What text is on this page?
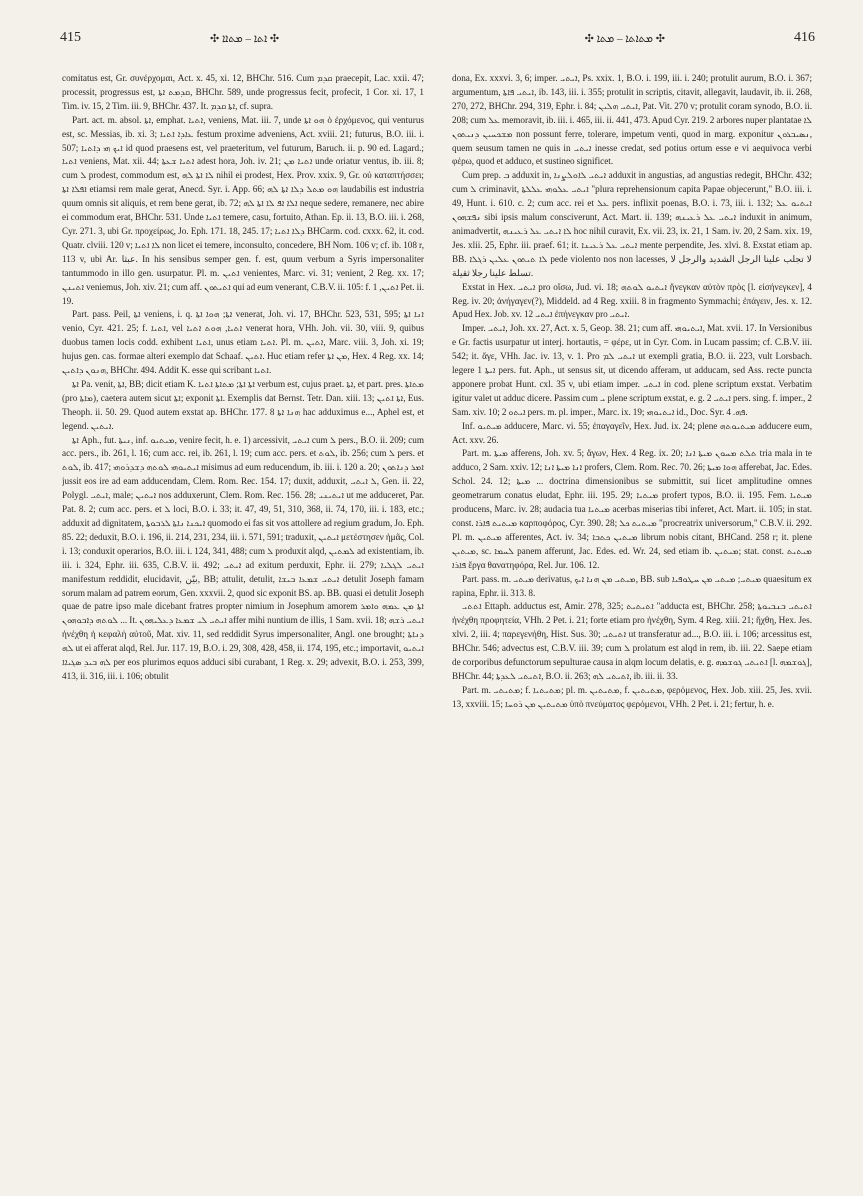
415	✣ ܐܬܐ – ܡܬܐܐ ✣	✣ ܡܬܐܬܐ – ܡܬܐ ✣	416

comitatus est, Gr. συνέρχομαι, Act. x. 45, xi. 12, BHChr. 516. Cum ܩܕܡ praecepit, Lac. xxii. 47; processit, progressus est, ܩܕܡܬ ܐܬܐ, BHChr. 589, unde progressus fecit, profecit, 1 Cor. xi. 17, 1 Tim. iv. 15, 2 Tim. iii. 9, BHChr. 437. It. ܐܬܐ ܩܕܡ, cf. supra.

Part. act. m. absol. ܐܬܐ, emphat. ܐܬܝܐ, veniens, Mat. iii. 7, unde ܗܘ ܐܬܐ ὁ ἐρχόμενος, qui venturus est, sc. Messias, ib. xi. 3; ܥܐܕܐ ܐܬܝܐ festum proxime adveniens, Act. xviii. 21; futurus, B.O. iii. i. 507; ܐܝܟ ܗܝ ܕܐܬܝܐ id quod praesens est, vel praeteritum, vel futurum, Baruch. ii. p. 90 ed. Lagard.; ܐܬܝܐ veniens, Mat. xii. 44; ܐܬܝܐ ܫܥܬܐ adest hora, Joh. iv. 21; ܐܬܝܐ ܡܢ unde oriatur ventus, ib. iii. 8; cum ܠ prodest, commodum est, ܠܐ ܐܬܐ ܠܗ nihil ei prodest, Hex. Prov. xxix. 9, Gr. οὐ καταπτήσσει; ܐܦܠܐ ܐܬܐ etiamsi rem male gerat, Anecd. Syr. i. App. 66; ܗܘ ܡܬܠ ܕܠܐ ܐܬܐ ܠܗ laudabilis est industria quum omnis sit aliquis, et rem bene gerat, ib. 72; ܐܠܐ ܐܦ ܠܐ ܐܬܐ ܠܗ neque sedere, remanere, nec abire ei commodum erat, BHChr. 531. Unde ܐܬܝܐ temere, casu, fortuito, Athan. Ep. ii. 13, B.O. iii. i. 268, Cyr. 271. 3, ubi Gr. προχείρως, Jo. Eph. 171. 18, 245. 17; ܕܠܐ ܐܬܝܐ BHCarm. cod. cxxx. 62, it. cod. Quatr. clviii. 120 v; ܠܐ ܐܬܝܐ non licet ei temere, inconsulto, concedere, BH Nom. 106 v; cf. ib. 108 r, 113 v, ubi Ar. عبثا. In his sensibus semper gen. f. est, quum verbum a Syris impersonaliter tantummodo in illo gen. usurpatur. Pl. m. ܐܬܝܢ venientes, Marc. vi. 31; venient, 2 Reg. xx. 17; ܐܬܝܢܢ veniemus, Joh. xiv. 21; cum aff. ܐܬܝܬܘܢ qui ad eum venerant, C.B.V. ii. 105: f. ܐܬܝܢ, 1 Pet. ii. 19.

Part. pass. Peil, ܐܬܐ veniens, i. q. ܐܬܐ; ܗܘܐ ܐܬܐ venerat, Joh. vi. 17, BHChr. 523, 531, 595; ܐܢܐ ܐܬܐ venio, Cyr. 421. 25; f. ܐܬܝܐ, vel ܐܬܝܐ, ܗܘܬ ܐܬܝܐ venerat hora, VHh. Joh. vii. 30, viii. 9, quibus duobus tamen locis codd. exhibent ܐܬܝܐ, unus etiam ܐܬܝܐ. Pl. m. ܐܬܝܢ, Marc. viii. 3, Joh. xi. 19; hujus gen. cas. formae alteri exemplo dat Schaaf. ܐܬܝܢ. Huc etiam refer ܡܢ ܐܬܐ, Hex. 4 Reg. xx. 14; ܗܢܘܢ ܕܐܬܝܢ, BHChr. 494. Addit K. esse qui scribant ܐܬܝܐ.

ܐܬܐ Pa. venit, ܐܬܐ, BB; dicit etiam K. ܐܬܐ ܐܬܐ; ܡܬܐܬܐ ܐܬܝܐ verbum est, cujus praet. ܐܬܐ, et part. pres. ܡܬܐܬܐ (pro ܡܐܬܐ), caetera autem sicut ܐܬܐ; exponit ܐܬܐ. Exemplis dat Bernst. Tetr. Dan. xiii. 13; ܐܬܐ ܐܬܝܢ, Eus. Theoph. ii. 50. 29. Quod autem exstat ap. BHChr. 177. 8 ܗܢܐ ܐܬܐ hac adduximus e..., Aphel est, et legend. ܐܝܬܝܢ.

ܐܬܐ Aph., fut. ܢܝܬܐ, inf. ܡܝܬܝܘ, venire fecit, h. e. 1) arcessivit, ܐܝܬܝ cum ܠ pers., B.O. ii. 209; cum acc. pers., ib. 261, l. 16; cum acc. rei, ib. 261, l. 19; cum acc. pers. et ܠܘܬ, ib. 256; cum ܠ pers. et ܠܘܬ, ib. 417; ܐܝܬܝܘܗܝ ܠܘܬܗ ܕܫܕܪܘܗܝ misimus ad eum reducendum, ib. iii. i. 120 a. 20; ܐܡܪ ܕܢܐܬܘܢ jussit eos ire ad eam adducendam, Clem. Rom. Rec. 154. 17; duxit, adduxit, ܠ ܐܝܬܝ, Gen. ii. 22, Polygl. ܐܝܬܝ, male; ܐܝܬܝܢ nos adduxerunt, Clem. Rom. Rec. 156. 28; ܐܝܬܝܢܝ ut me adduceret, Par. Pat. 8. 2; cum acc. pers. et ܠ loci, B.O. i. 33; it. 47, 49, 51, 310, 368, ii. 74, 170, iii. i. 183, etc.; adduxit ad dignitatem, ܐܝܟܢܐ ܢܐܬܐ ܠܪܒܘܬܐ quomodo ei fas sit vos attollere ad regium gradum, Jo. Eph. 85. 22; deduxit, B.O. i. 196, ii. 214, 231, 234, iii. i. 571, 591; traduxit, ܐܝܬܝܢ μετέστησεν ἡμᾶς, Col. i. 13; conduxit operarios, B.O. iii. i. 124, 341, 488; cum ܠ produxit alqd, ܠܡܬܝܢ ad existentiam, ib. iii. i. 324, Ephr. iii. 635, C.B.V. ii. 492; ܐܝܬܝ ad exitum perduxit, Ephr. ii. 279; ܐܝܬܝ ܠܓܠܝܐ manifestum reddidit, elucidavit, بيّن, BB; attulit, detulit, ܐܝܬܝ ܫܡܥܐ ܒܝܫܐ detulit Joseph famam sorum malam ad patrem eorum, Gen. xxxvii. 2, quod sic exponit BS. ap. BB. quasi ei detulit Joseph quae de patre ipso male dicebant fratres propter nimium in Josephum amorem ܐܬܐ ܡܢ ܥܡܗ ܘܐܡܪ ܠܘܬܗ ܕܐܒܘܗܘܢ ... It. ܐܝܬܝ ܠܝ ܫܡܥܐ ܕܥܠܝܗܘܢ affer mihi nuntium de illis, 1 Sam. xvii. 18; ܐܝܬܝ ܪܫܗ ἠνέχθη ἡ κεφαλὴ αὐτοῦ, Mat. xiv. 11, sed reddidit Syrus impersonaliter, Angl. one brought; ܕܢܐܬܐ ܠܗ ut ei afferat alqd, Rel. Jur. 117. 19, B.O. i. 29, 308, 428, 458, ii. 174, 195, etc.; importavit, ܐܝܬܝܘ ܠܗ ܒܝܕ ܣܓܝܐܐ per eos plurimos equos adduci sibi curabant, 1 Reg. x. 29; advexit, B.O. i. 253, 399, 413, ii. 316, iii. i. 106; obtulit

dona, Ex. xxxvi. 3, 6; imper. ܐܝܬܝ, Ps. xxix. 1, B.O. i. 199, iii. i. 240; protulit aurum, B.O. i. 367; argumentum, ܐܝܬܝ ܦܐܬܐ, ib. 143, iii. i. 355; protulit in scriptis, citavit, allegavit, laudavit, ib. ii. 268, 270, 272, BHChr. 294, 319, Ephr. i. 84; ܐܝܬܝ ܗܠܝܢ, Pat. Vit. 270 v; protulit coram synodo, B.O. ii. 208; cum ܥܠ memoravit, ib. iii. i. 465, iii. ii. 441, 473. Apud Cyr. 219. 2 arbores nuper plantatae ܠܐ ܡܫܟܚܝܢ ܕܢܝܬܘܢ non possunt ferre, tolerare, impetum venti, quod in marg. exponitur ܢܣܝܒܪܘܢ, quem seusum tamen ne quis in ܐܝܬܝ inesse credat, sed potius ortum esse e vi aequivoca verbi φέρω, quod et adduco, et sustineo significet.

Cum prep. ܒ adduxit in, ܐܝܬܝ ܠܐܘܠܨܢܐ adduxit in angustias, ad angustias redegit, BHChr. 432; cum ܠ criminavit, ܐܝܬܝ ܥܠܘܗܝ ܥܠܠܬܐ "plura reprehensionum capita Papae objecerunt," B.O. iii. i. 49, Hunt. i. 610. c. 2; cum acc. rei et ܥܠ pers. inflixit poenas, B.O. i. 73, iii. i. 132; ܐܝܬܝܘ ܥܠ ܢܦܫܗܘܢ sibi ipsis malum consciverunt, Act. Mart. ii. 139; ܐܝܬܝ ܥܠ ܪܥܝܢܗ induxit in animum, animadvertit, ܠܐ ܐܝܬܝ ܥܠ ܪܥܝܢܗ hoc nihil curavit, Ex. vii. 23, ix. 21, 1 Sam. iv. 20, 2 Sam. xix. 19, Jes. xlii. 25, Ephr. iii. praef. 61; it. ܐܝܬܝ ܥܠ ܪܥܝܢܐ mente perpendite, Jes. xlvi. 8. Exstat etiam ap. BB. ܠܐ ܬܝܬܘܢ ܥܠܝܢ ܪܓܠܐ pede violento nos non lacesses, لا تجلب علينا الرجل الشديد والرجل لا تسلط علينا رجلا ثقيلة.

Exstat in Hex. ܐܝܬܝ pro οἴσω, Jud. vi. 18; ܐܝܬܝܘ ܠܘܬܗ ἤνεγκαν αὐτὸν πρὸς [l. εἰσήνεγκεν], 4 Reg. iv. 20; ἀνήγαγεν(?), Middeld. ad 4 Reg. xxiii. 8 in fragmento Symmachi; ἐπάγειν, Jes. x. 12. Apud Hex. Job. xv. 12 ܐܝܬܝ ἐπήνεγκαν pro ܐܝܬܝ.

Imper. ܐܝܬܝ, Joh. xx. 27, Act. x. 5, Geop. 38. 21; cum aff. ܐܝܬܝܘܗܝ, Mat. xvii. 17. In Versionibus e Gr. factis usurpatur ut interj. hortautis, = φέρε, ut in Cyr. Com. in Lucam passim; cf. C.B.V. iii. 542; it. ἄγε, VHh. Jac. iv. 13, v. 1. Pro ܐܝܬܝ ܠܡ ut exempli gratia, B.O. ii. 223, vult Lorsbach. legere ܐܝܬܐ 1 pers. fut. Aph., ut sensus sit, ut dicendo afferam, ut adducam, sed Ass. recte puncta apponere probat Hunt. cxl. 35 v, ubi etiam imper. ܐܝܬܝ in cod. plene scriptum exstat. Verbatim igitur valet ut adduc dicere. Passim cum ܝ plene scriptum exstat, e. g. ܐܝܬܝ 2 pers. sing. f. imper., 2 Sam. xiv. 10; ܐܝܬܘ 2 pers. m. pl. imper., Marc. ix. 19; ܐܝܬܝܘܗܝ id., Doc. Syr. ܦܗ. 4.

Inf. ܡܝܬܝܘ adducere, Marc. vi. 55; ἐπαγαγεῖν, Hex. Jud. ix. 24; plene ܡܝܬܝܘܬܗ adducere eum, Act. xxv. 26.

Part. m. ܡܝܬܐ afferens, Joh. xv. 5; ἄγων, Hex. 4 Reg. ix. 20; ܬܠܬ ܡܚܘܢ ܡܝܬܐ ܐܢܐ tria mala in te adduco, 2 Sam. xxiv. 12; ܐܢܐ ܡܝܬܐ ܐܢܐ profers, Clem. Rom. Rec. 70. 26; ܗܘܐ ܡܝܬܐ afferebat, Jac. Edes. Schol. 24. 12; ܡܝܬܐ ... doctrina dimensionibus se submittit, sui licet amplitudine omnes geometrarum conatus eludat, Ephr. iii. 195. 29; ܡܝܬܝܐ profert typos, B.O. ii. 195. Fem. ܡܝܬܝܐ producens, Marc. iv. 28; audacia tua ܡܝܬܝܐ acerbas miserias tibi inferet, Act. Mart. ii. 105; in stat. const. ܡܝܬܝܬ ܦܐܪܐ καρποφόρος, Cyr. 390. 28; ܡܝܬܝܬ ܟܠ "procreatrix universorum," C.B.V. ii. 292. Pl. m. ܡܝܬܝܢ afferentes, Act. iv. 34; ܡܝܬܝܢ ܟܬܒܐ librum nobis citant, BHCand. 258 r; it. plene ܡܝܬܝܢ, sc. ܠܚܡܐ panem afferunt, Jac. Edes. ed. Wr. 24, sed etiam ib. ܡܝܬܝܢ; stat. const. ܡܝܬܝܬ ܦܐܪܐ ἔργα θανατηφόρα, Rel. Jur. 106. 12.

Part. pass. m. ܡܝܬܝ derivatus, ܡܝܬܝ ܡܢ ܗܢܐ ܐܝܟ, BB. sub ܡܝܬܝ; ܡܝܬܝ ܡܢ ܚܛܘܦܝܐ quaesitum ex rapina, Ephr. ii. 313. 8.

ܐܬܬܝ Ettaph. adductus est, Amir. 278, 325; ܐܬܝܬܝܬ "adducta est, BHChr. 258; ܐܬܝܬܝ ܒܢܒܝܘܬܐ ἠνέχθη προφητεία, VHh. 2 Pet. i. 21; forte etiam pro ἠνέχθη, Sym. 4 Reg. xiii. 21; ἤχθη, Hex. Jes. xlvi. 2, iii. 4; παρεγενήθη, Hist. Sus. 30; ܐܬܝܬܝ ut transferatur ad..., B.O. iii. i. 106; arcessitus est, BHChr. 546; advectus est, C.B.V. iii. 39; cum ܠ prolatum est alqd in rem, ib. iii. 22. Saepe etiam de corporibus defunctorum sepulturae causa in alqm locum delatis, e. g. ܐܬܝܬܝ ܓܘܫܡܗ [l. ܓܘܫܡܗ], BHChr. 44; ܐܬܝܬܝ ܠܥܕܬܐ, B.O. ii. 263; ܐܬܝܬܝ ܠܗ, ib. iii. ii. 33.

Part. m. ܡܬܝܬܝ; f. ܡܬܝܬܝܐ; pl. m. ܡܬܝܬܝܢ, f. ܡܬܝܬܝܢ, φερόμενος, Hex. Job. xiii. 25, Jes. xvii. 13, xxviii. 15; ܡܬܝܬܝܢ ܡܢ ܪܘܚܐ ὑπὸ πνεύματος φερόμενοι, VHh. 2 Pet. i. 21; fertur, h. e.
